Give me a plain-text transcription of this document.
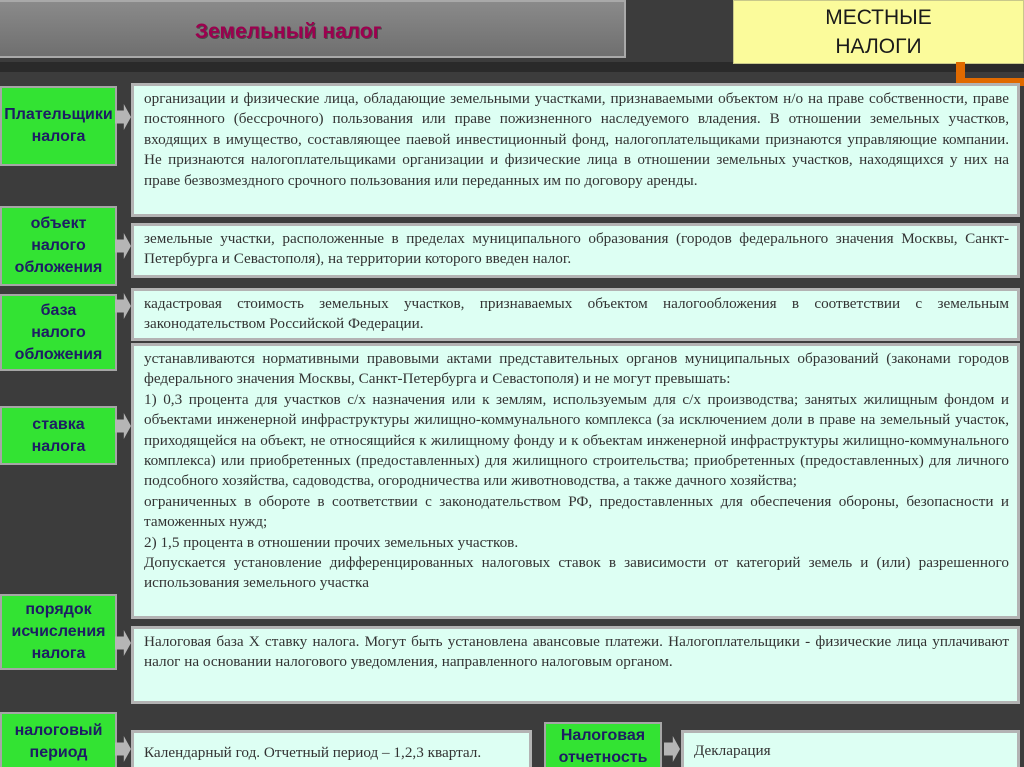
Земельный налог
МЕСТНЫЕ
НАЛОГИ
Плательщики
налога
организации и физические лица, обладающие земельными участками, признаваемыми объектом н/о на праве собственности, праве постоянного (бессрочного) пользования или праве пожизненного наследуемого владения. В отношении земельных участков, входящих в имущество, составляющее паевой инвестиционный фонд, налогоплательщиками признаются управляющие компании. Не признаются налогоплательщиками организации и физические лица в отношении земельных участков, находящихся у них на праве безвозмездного срочного пользования или переданных им по договору аренды.
объект
налого
обложения
земельные участки, расположенные в пределах муниципального образования (городов федерального значения Москвы, Санкт-Петербурга и Севастополя), на территории которого введен налог.
база
налого
обложения
кадастровая стоимость земельных участков, признаваемых объектом налогообложения в соответствии с земельным законодательством Российской Федерации.
ставка
налога
устанавливаются нормативными правовыми актами представительных органов муниципальных образований (законами городов федерального значения Москвы, Санкт-Петербурга и Севастополя) и не могут превышать:
1) 0,3 процента для участков с/х назначения или к землям, используемым для с/х производства; занятых жилищным фондом и объектами инженерной инфраструктуры жилищно-коммунального комплекса (за исключением доли в праве на земельный участок, приходящейся на объект, не относящийся к жилищному фонду и к объектам инженерной инфраструктуры жилищно-коммунального комплекса) или приобретенных (предоставленных) для жилищного строительства; приобретенных (предоставленных) для личного подсобного хозяйства, садоводства, огородничества или животноводства, а также дачного хозяйства;
ограниченных в обороте в соответствии с законодательством РФ, предоставленных для обеспечения обороны, безопасности и таможенных нужд;
2) 1,5 процента в отношении прочих земельных участков.
Допускается установление дифференцированных налоговых ставок в зависимости от категорий земель и (или) разрешенного использования земельного участка
порядок
исчисления
налога
Налоговая база Х ставку налога. Могут быть установлена авансовые платежи. Налогоплательщики - физические лица уплачивают налог на основании налогового уведомления, направленного налоговым органом.
налоговый
период	Календарный год. Отчетный период – 1,2,3 квартал.
Налоговая
отчетность	Декларация
